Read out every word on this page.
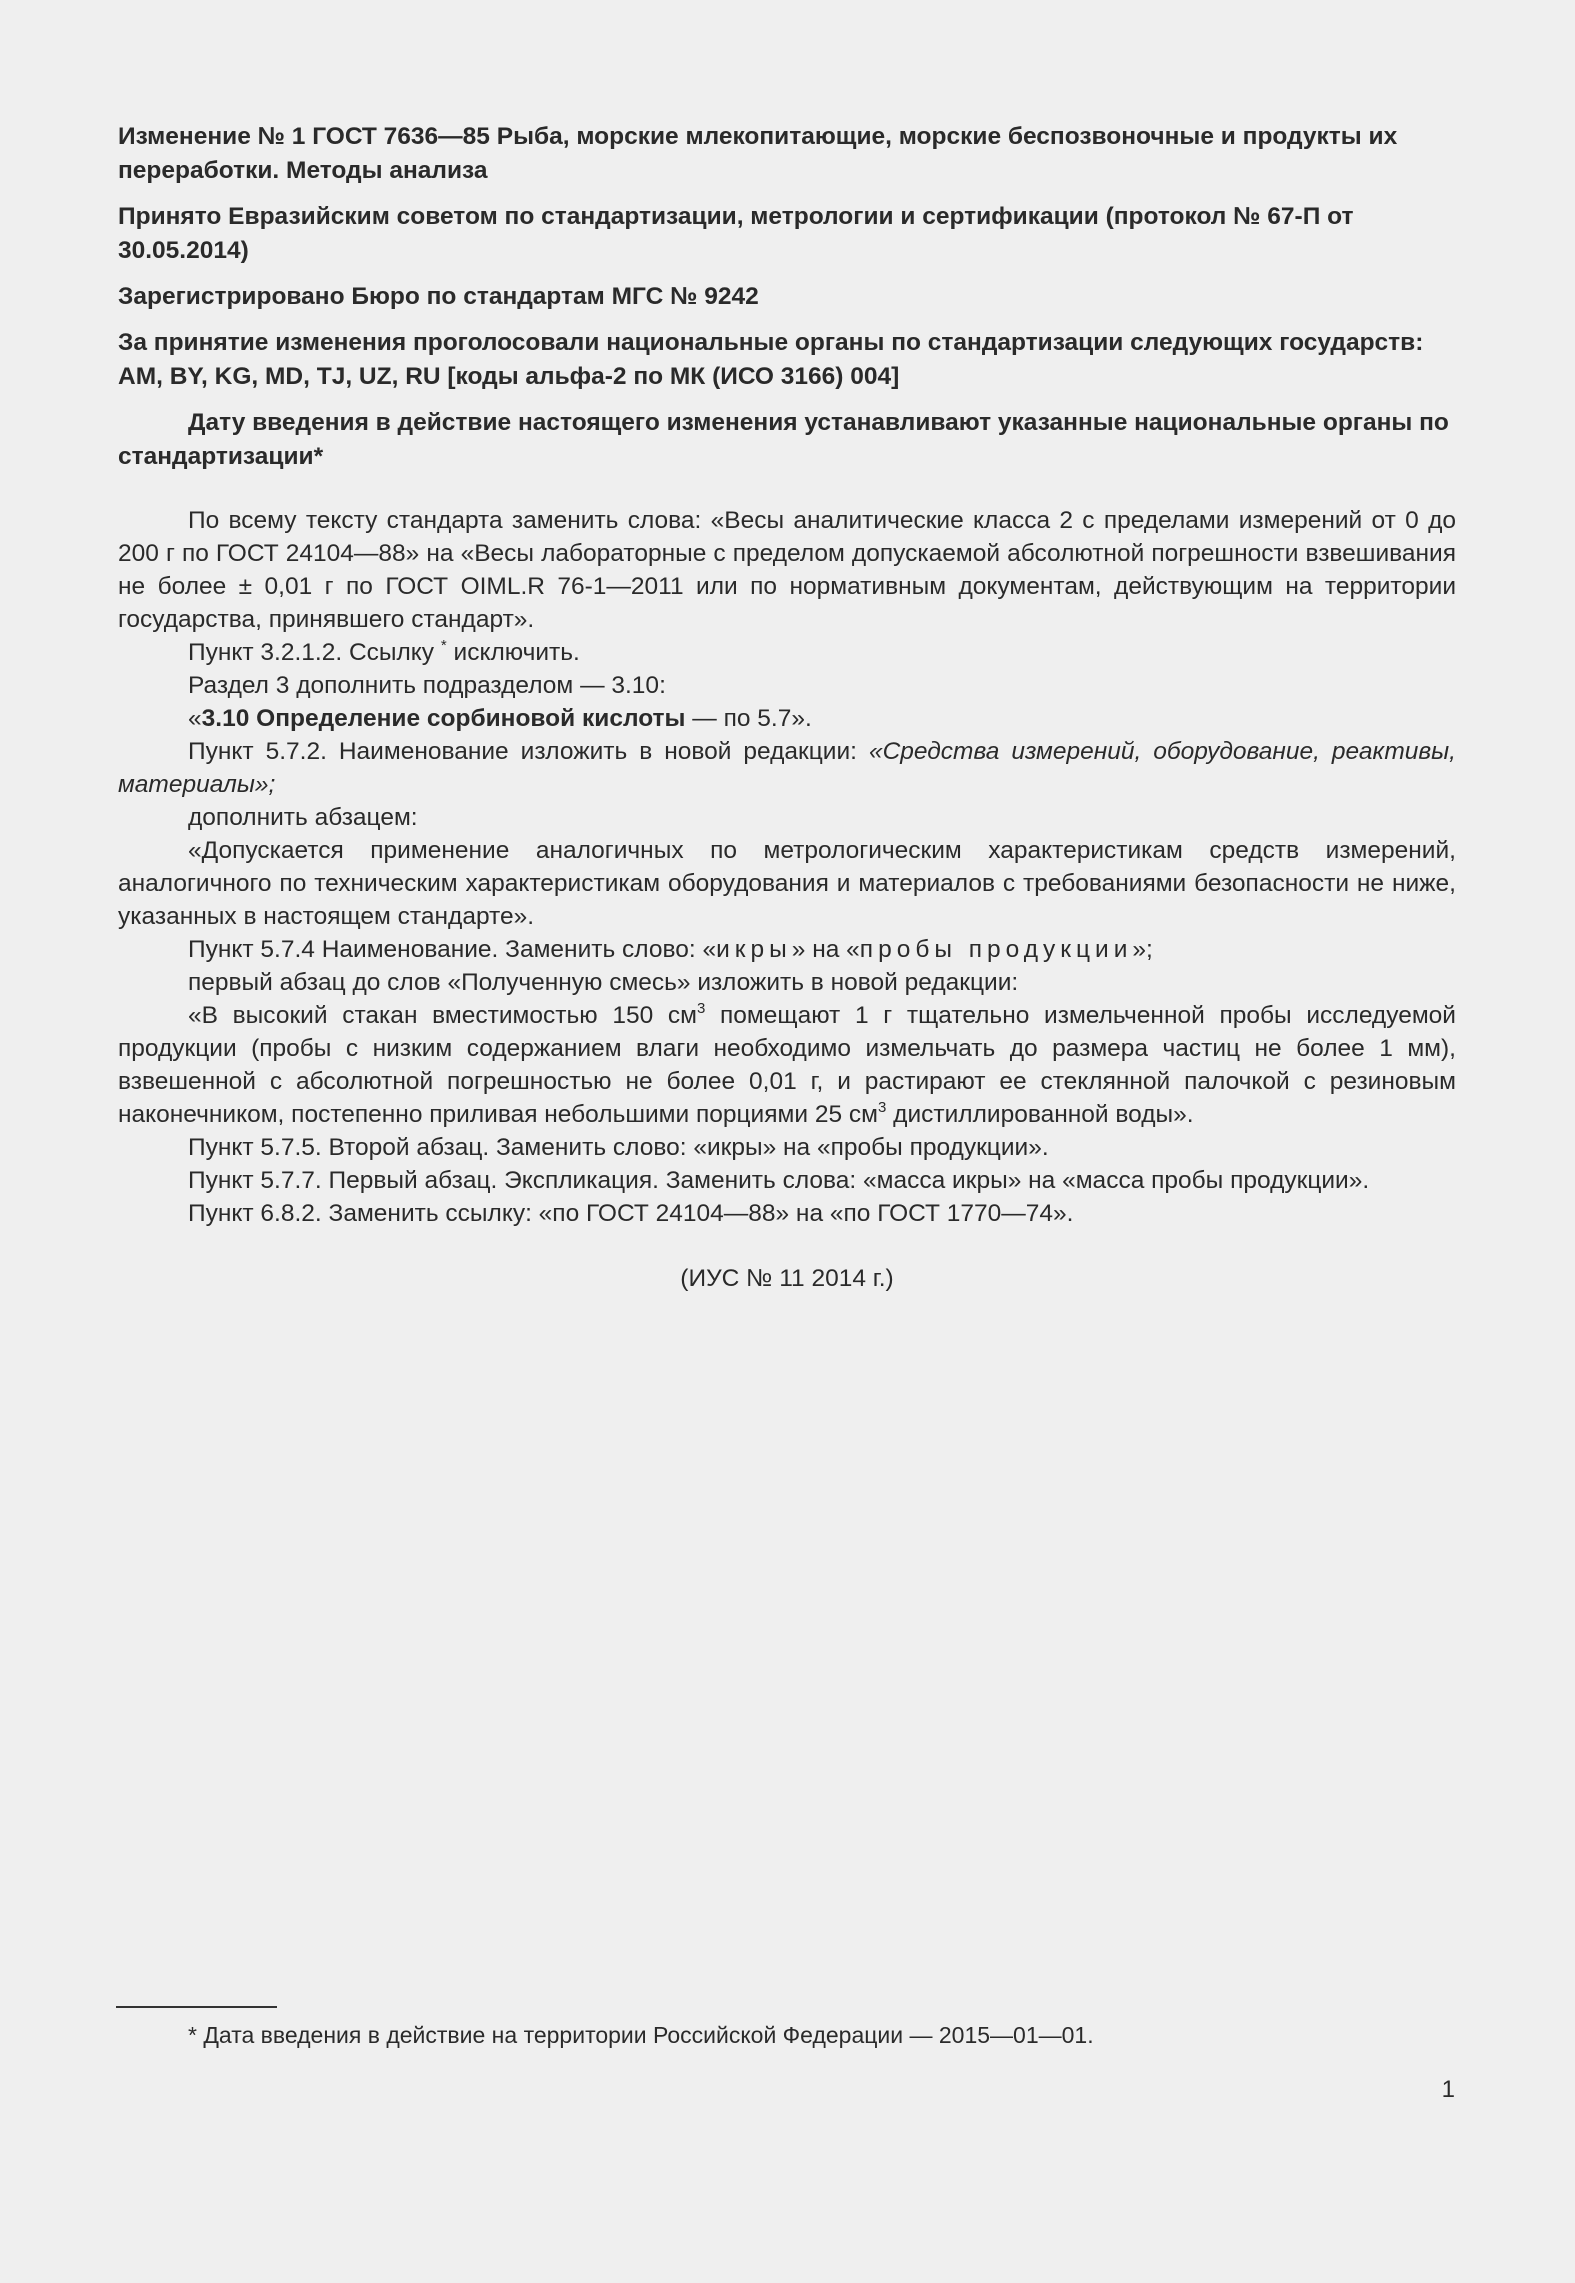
Изменение № 1 ГОСТ 7636—85 Рыба, морские млекопитающие, морские беспозвоночные и продукты их переработки. Методы анализа

Принято Евразийским советом по стандартизации, метрологии и сертификации (протокол № 67-П от 30.05.2014)

Зарегистрировано Бюро по стандартам МГС № 9242

За принятие изменения проголосовали национальные органы по стандартизации следующих государств: AM, BY, KG, MD, TJ, UZ, RU [коды альфа-2 по МК (ИСО 3166) 004]

Дату введения в действие настоящего изменения устанавливают указанные национальные органы по стандартизации*

По всему тексту стандарта заменить слова: «Весы аналитические класса 2 с пределами измерений от 0 до 200 г по ГОСТ 24104—88» на «Весы лабораторные с пределом допускаемой абсолютной погрешности взвешивания не более ± 0,01 г по ГОСТ OIML.R 76-1—2011 или по нормативным документам, действующим на территории государства, принявшего стандарт».

Пункт 3.2.1.2. Ссылку * исключить.

Раздел 3 дополнить подразделом — 3.10:

«3.10 Определение сорбиновой кислоты — по 5.7».

Пункт 5.7.2. Наименование изложить в новой редакции: «Средства измерений, оборудование, реактивы, материалы»;

дополнить абзацем:

«Допускается применение аналогичных по метрологическим характеристикам средств измерений, аналогичного по техническим характеристикам оборудования и материалов с требованиями безопасности не ниже, указанных в настоящем стандарте».

Пункт 5.7.4 Наименование. Заменить слово: «икры» на «пробы продукции»;

первый абзац до слов «Полученную смесь» изложить в новой редакции:

«В высокий стакан вместимостью 150 $см^3$ помещают 1 г тщательно измельченной пробы исследуемой продукции (пробы с низким содержанием влаги необходимо измельчать до размера частиц не более 1 мм), взвешенной с абсолютной погрешностью не более 0,01 г, и растирают ее стеклянной палочкой с резиновым наконечником, постепенно приливая небольшими порциями 25 $см^3$ дистиллированной воды».

Пункт 5.7.5. Второй абзац. Заменить слово: «икры» на «пробы продукции».

Пункт 5.7.7. Первый абзац. Экспликация. Заменить слова: «масса икры» на «масса пробы продукции».

Пункт 6.8.2. Заменить ссылку: «по ГОСТ 24104—88» на «по ГОСТ 1770—74».

(ИУС № 11 2014 г.)
* Дата введения в действие на территории Российской Федерации — 2015—01—01.
1
